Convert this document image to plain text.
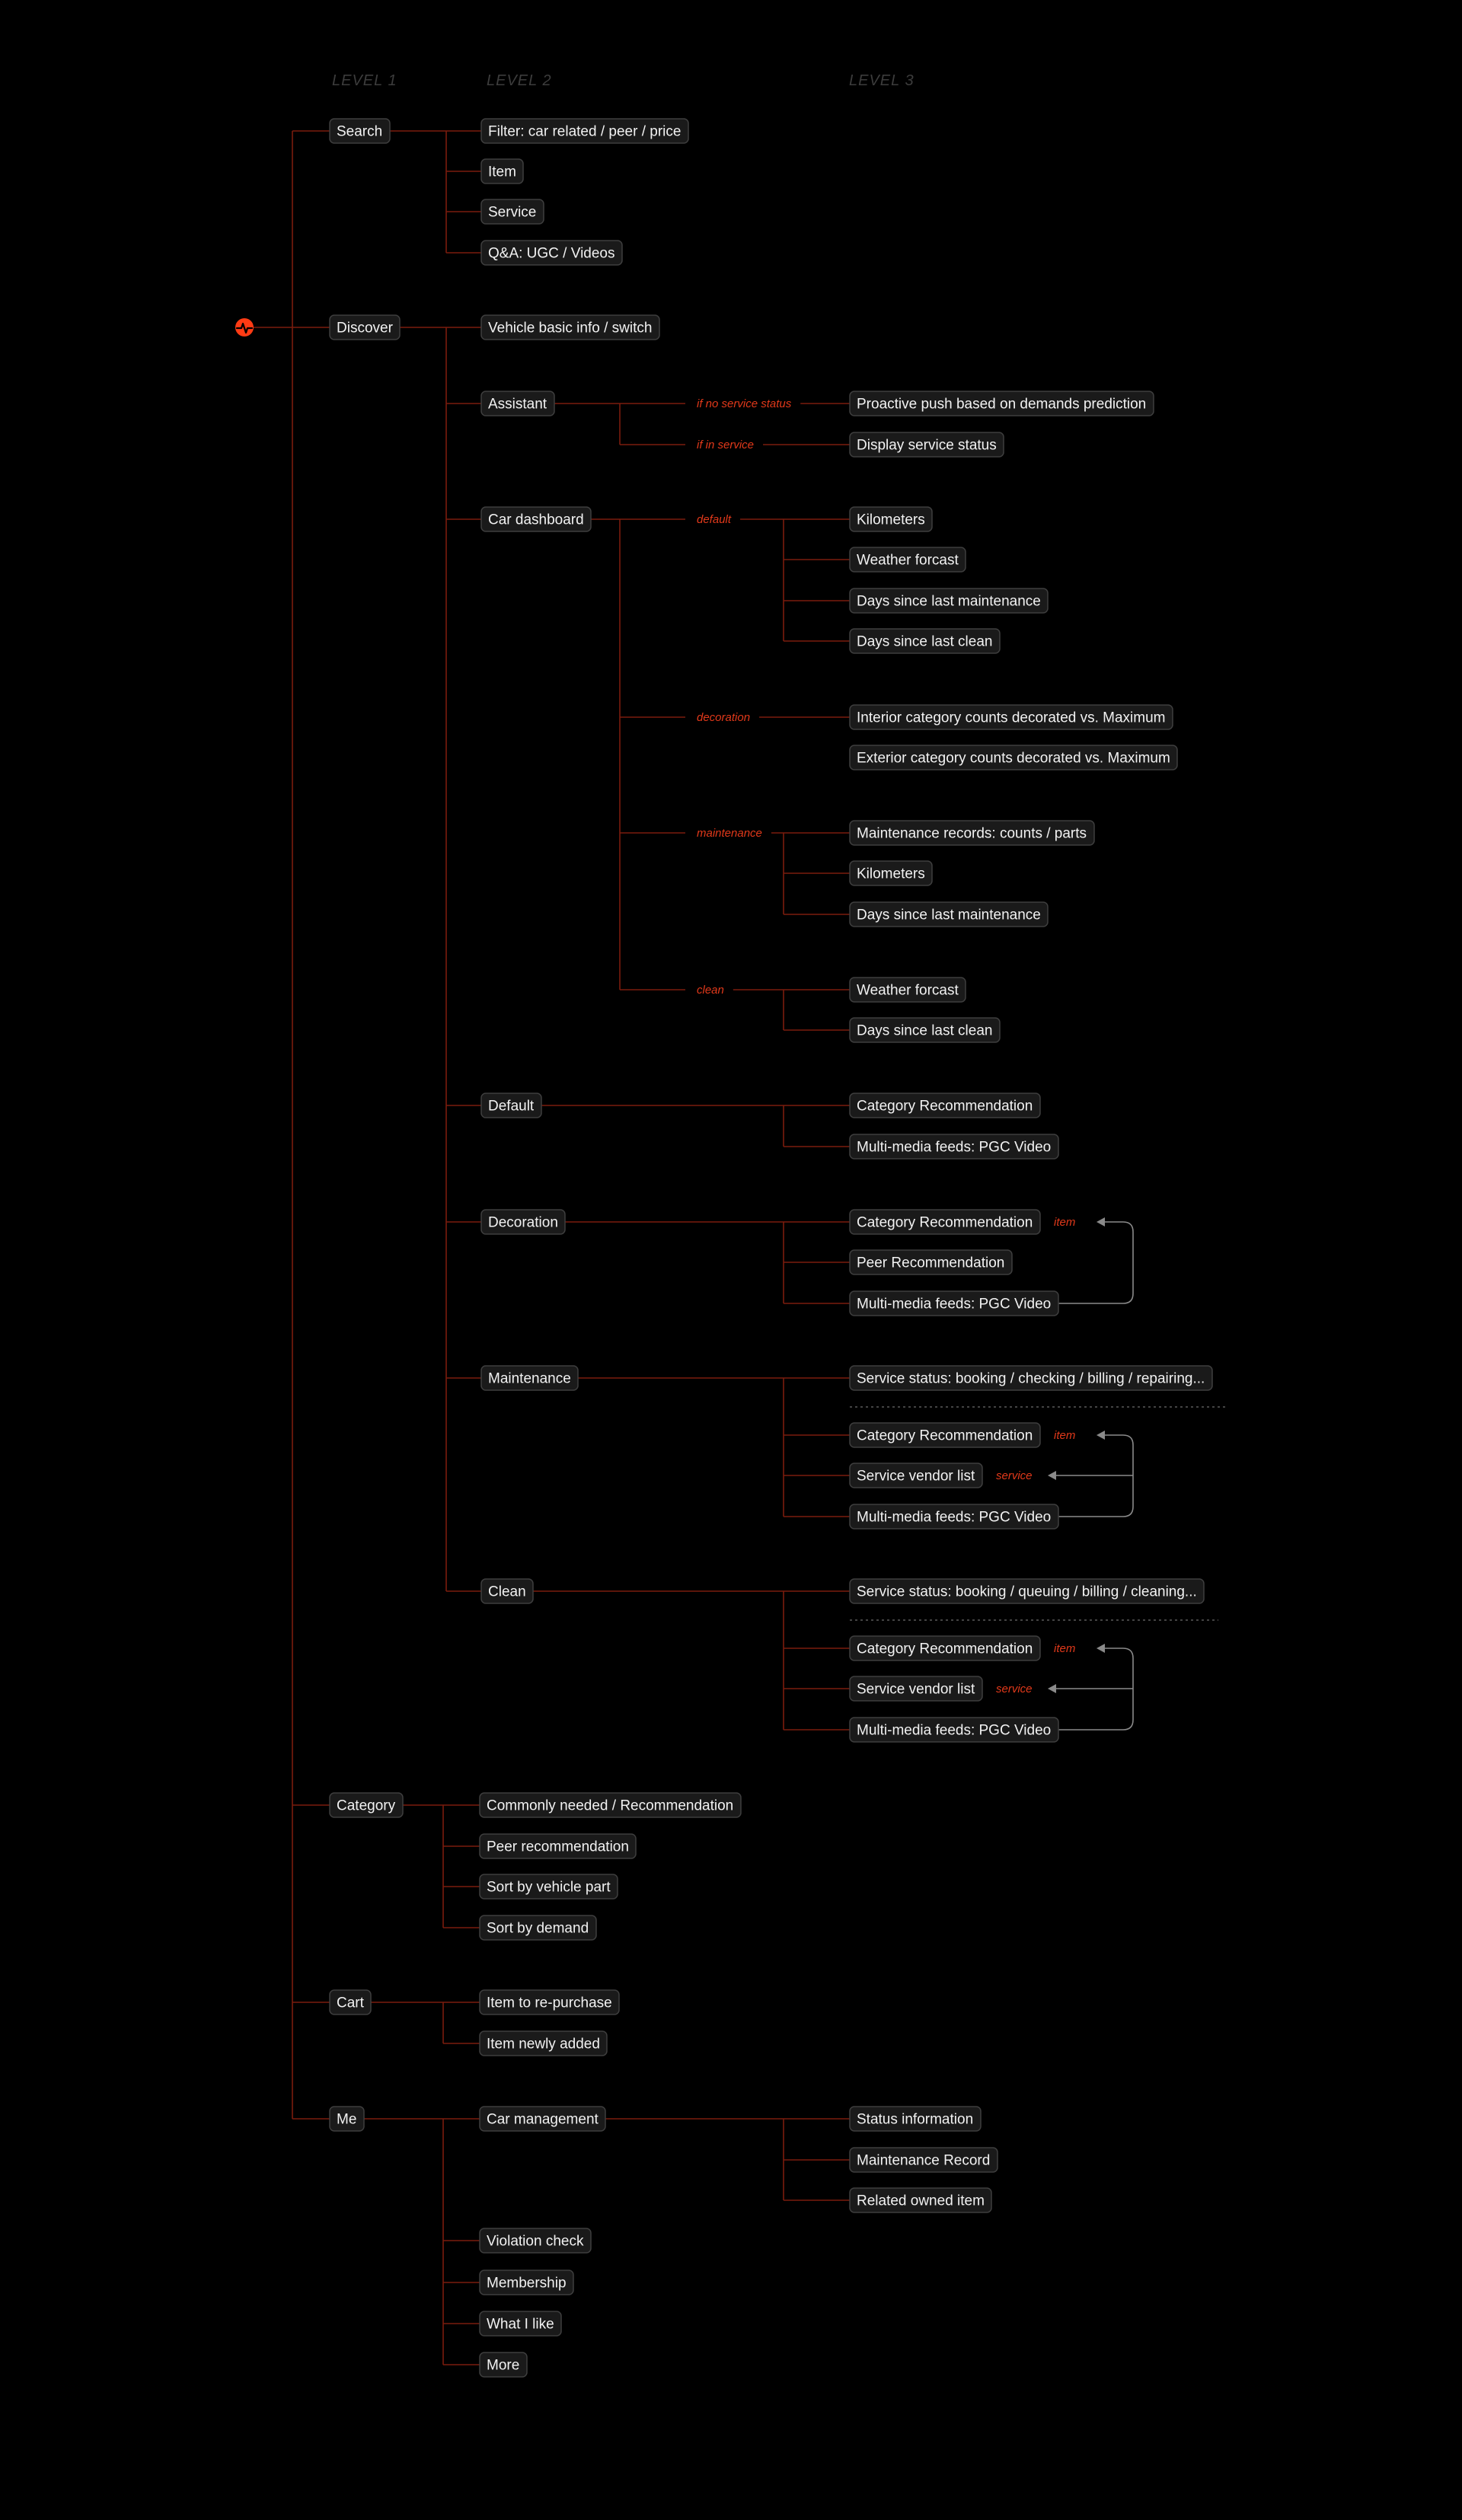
LEVEL 1	LEVEL 2	LEVEL 3
if no service status
if in service
default
decoration
maintenance
clean
item
item
service
item
service
Search
Discover
Category
Cart
Me
Filter: car related / peer / price
Item
Service
Q&A: UGC / Videos
Vehicle basic info / switch
Assistant
Car dashboard
Default
Decoration
Maintenance
Clean
Proactive push based on demands prediction
Display service status
Kilometers
Weather forcast
Days since last maintenance
Days since last clean
Interior category counts decorated vs. Maximum
Exterior category counts decorated vs. Maximum
Maintenance records: counts / parts
Kilometers
Days since last maintenance
Weather forcast
Days since last clean
Category Recommendation
Multi-media feeds: PGC Video
Category Recommendation
Peer Recommendation
Multi-media feeds: PGC Video
Service status: booking / checking / billing / repairing...
Category Recommendation
Service vendor list
Multi-media feeds: PGC Video
Service status: booking / queuing / billing / cleaning...
Category Recommendation
Service vendor list
Multi-media feeds: PGC Video
Commonly needed / Recommendation
Peer recommendation
Sort by vehicle part
Sort by demand
Item to re-purchase
Item newly added
Car management	Status information
Maintenance Record
Related owned item
Violation check
Membership
What I like
More
